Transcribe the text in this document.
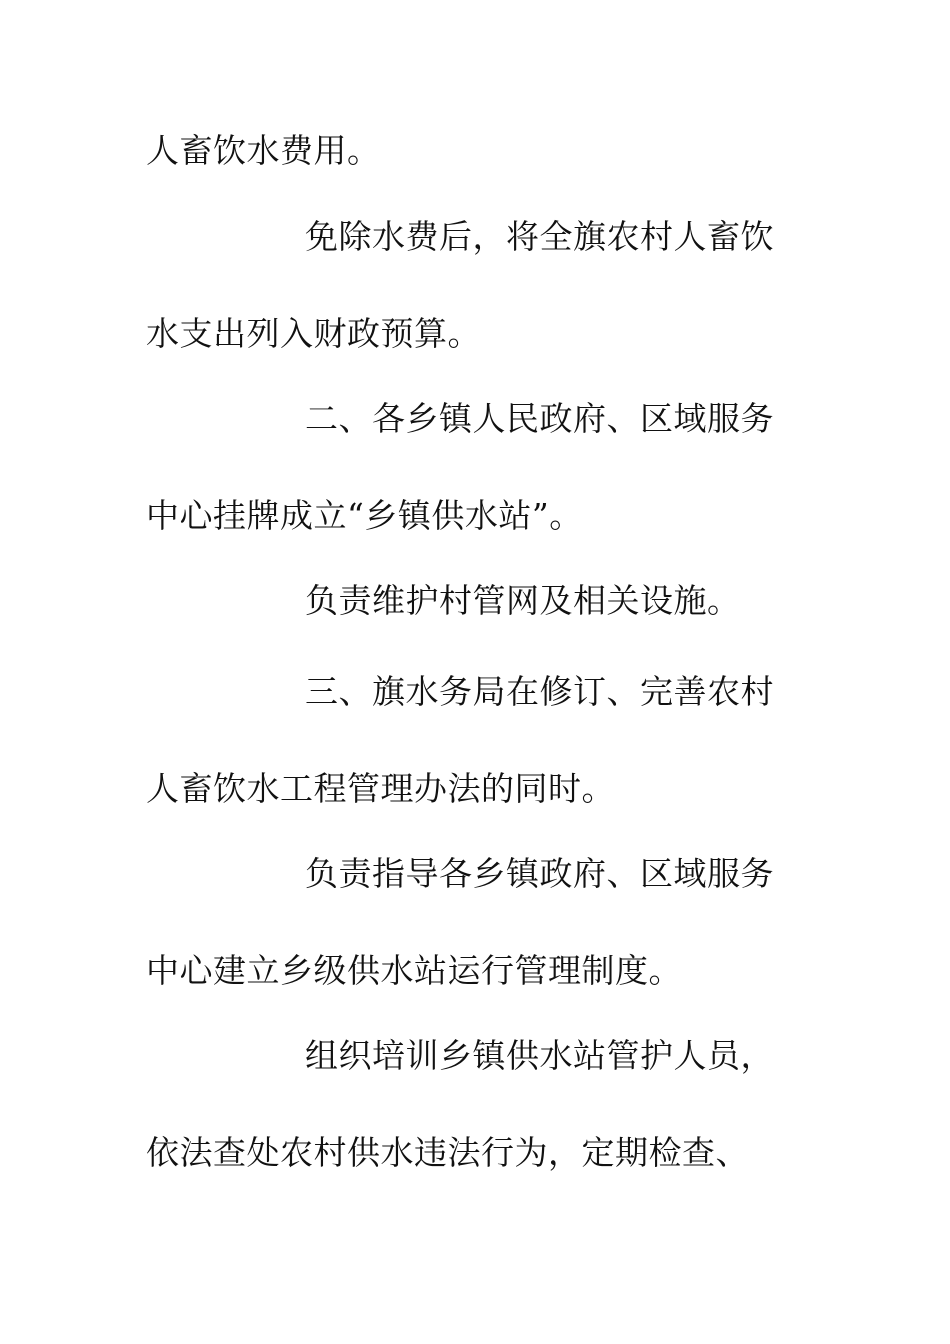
人畜饮水费用。
免除水费后，将全旗农村人畜饮
水支出列入财政预算。
二、各乡镇人民政府、区域服务
中心挂牌成立“乡镇供水站”。
负责维护村管网及相关设施。
三、旗水务局在修订、完善农村
人畜饮水工程管理办法的同时。
负责指导各乡镇政府、区域服务
中心建立乡级供水站运行管理制度。
组织培训乡镇供水站管护人员，
依法查处农村供水违法行为，定期检查、
